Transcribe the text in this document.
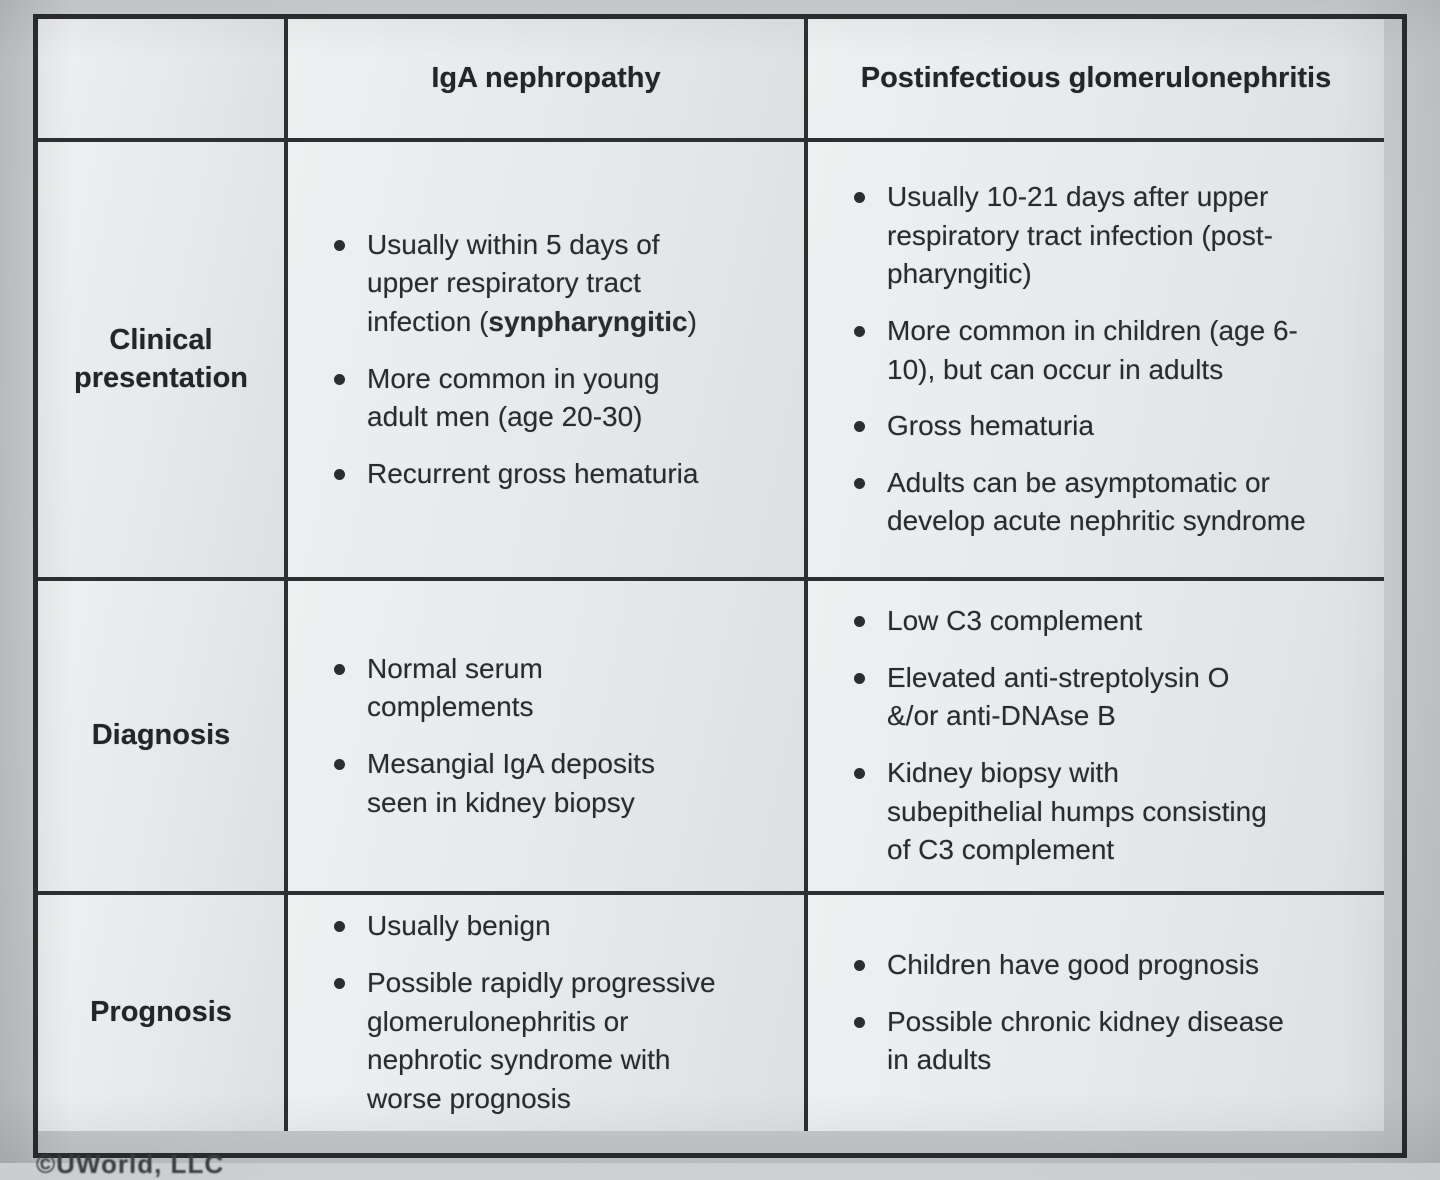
IgA nephropathy	Postinfectious glomerulonephritis
Clinical presentation
Usually within 5 days of upper respiratory tract infection (synpharyngitic)
More common in young adult men (age 20-30)
Recurrent gross hematuria
Usually 10-21 days after upper respiratory tract infection (post-pharyngitic)
More common in children (age 6-10), but can occur in adults
Gross hematuria
Adults can be asymptomatic or develop acute nephritic syndrome
Diagnosis
Normal serum complements
Mesangial IgA deposits seen in kidney biopsy
Low C3 complement
Elevated anti-streptolysin O &/or anti-DNAse B
Kidney biopsy with subepithelial humps consisting of C3 complement
Prognosis
Usually benign
Possible rapidly progressive glomerulonephritis or nephrotic syndrome with worse prognosis
Children have good prognosis
Possible chronic kidney disease in adults
©UWorld, LLC
